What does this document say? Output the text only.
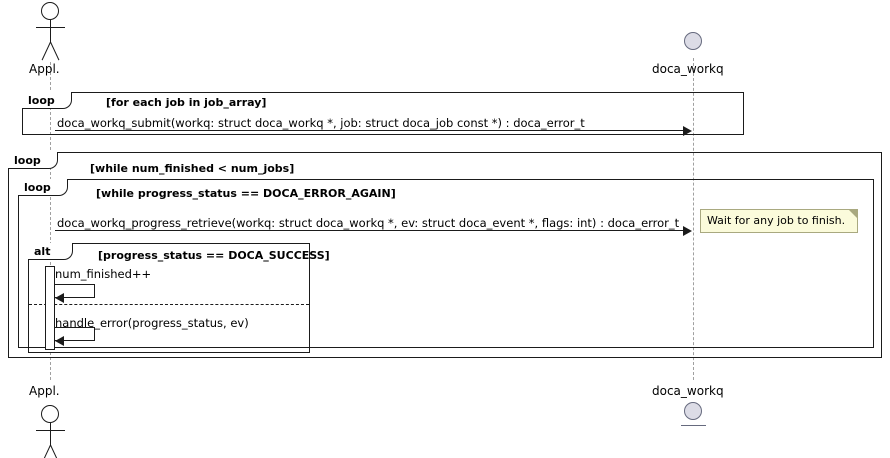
Appl.	doca_workq
loop	[for each job in job_array]
doca_workq_submit(workq: struct doca_workq *, job: struct doca_job const *) : doca_error_t
loop
[while num_finished < num_jobs]
loop	[while progress_status == DOCA_ERROR_AGAIN]
doca_workq_progress_retrieve(workq: struct doca_workq *, ev: struct doca_event *, flags: int) : doca_error_t	Wait for any job to finish.
alt	[progress_status == DOCA_SUCCESS]
num_finished++
handle_error(progress_status, ev)
Appl.	doca_workq
